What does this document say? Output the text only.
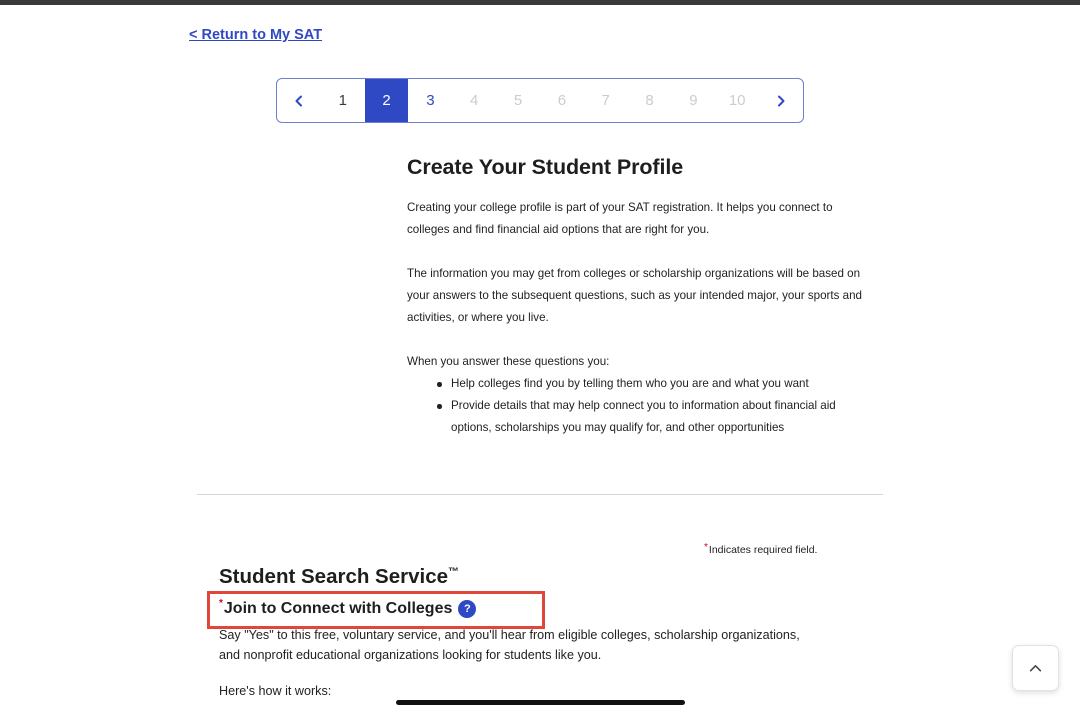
< Return to My SAT
1	2	3	4	5	6	7	8	9	10
Create Your Student Profile

Creating your college profile is part of your SAT registration. It helps you connect to colleges and find financial aid options that are right for you.

The information you may get from colleges or scholarship organizations will be based on your answers to the subsequent questions, such as your intended major, your sports and activities, or where you live.

When you answer these questions you:

Help colleges find you by telling them who you are and what you want
Provide details that may help connect you to information about financial aid options, scholarships you may qualify for, and other opportunities
*Indicates required field.
Student Search Service™
* Join to Connect with Colleges	?

Say "Yes" to this free, voluntary service, and you'll hear from eligible colleges, scholarship organizations, and nonprofit educational organizations looking for students like you.

Here's how it works:
